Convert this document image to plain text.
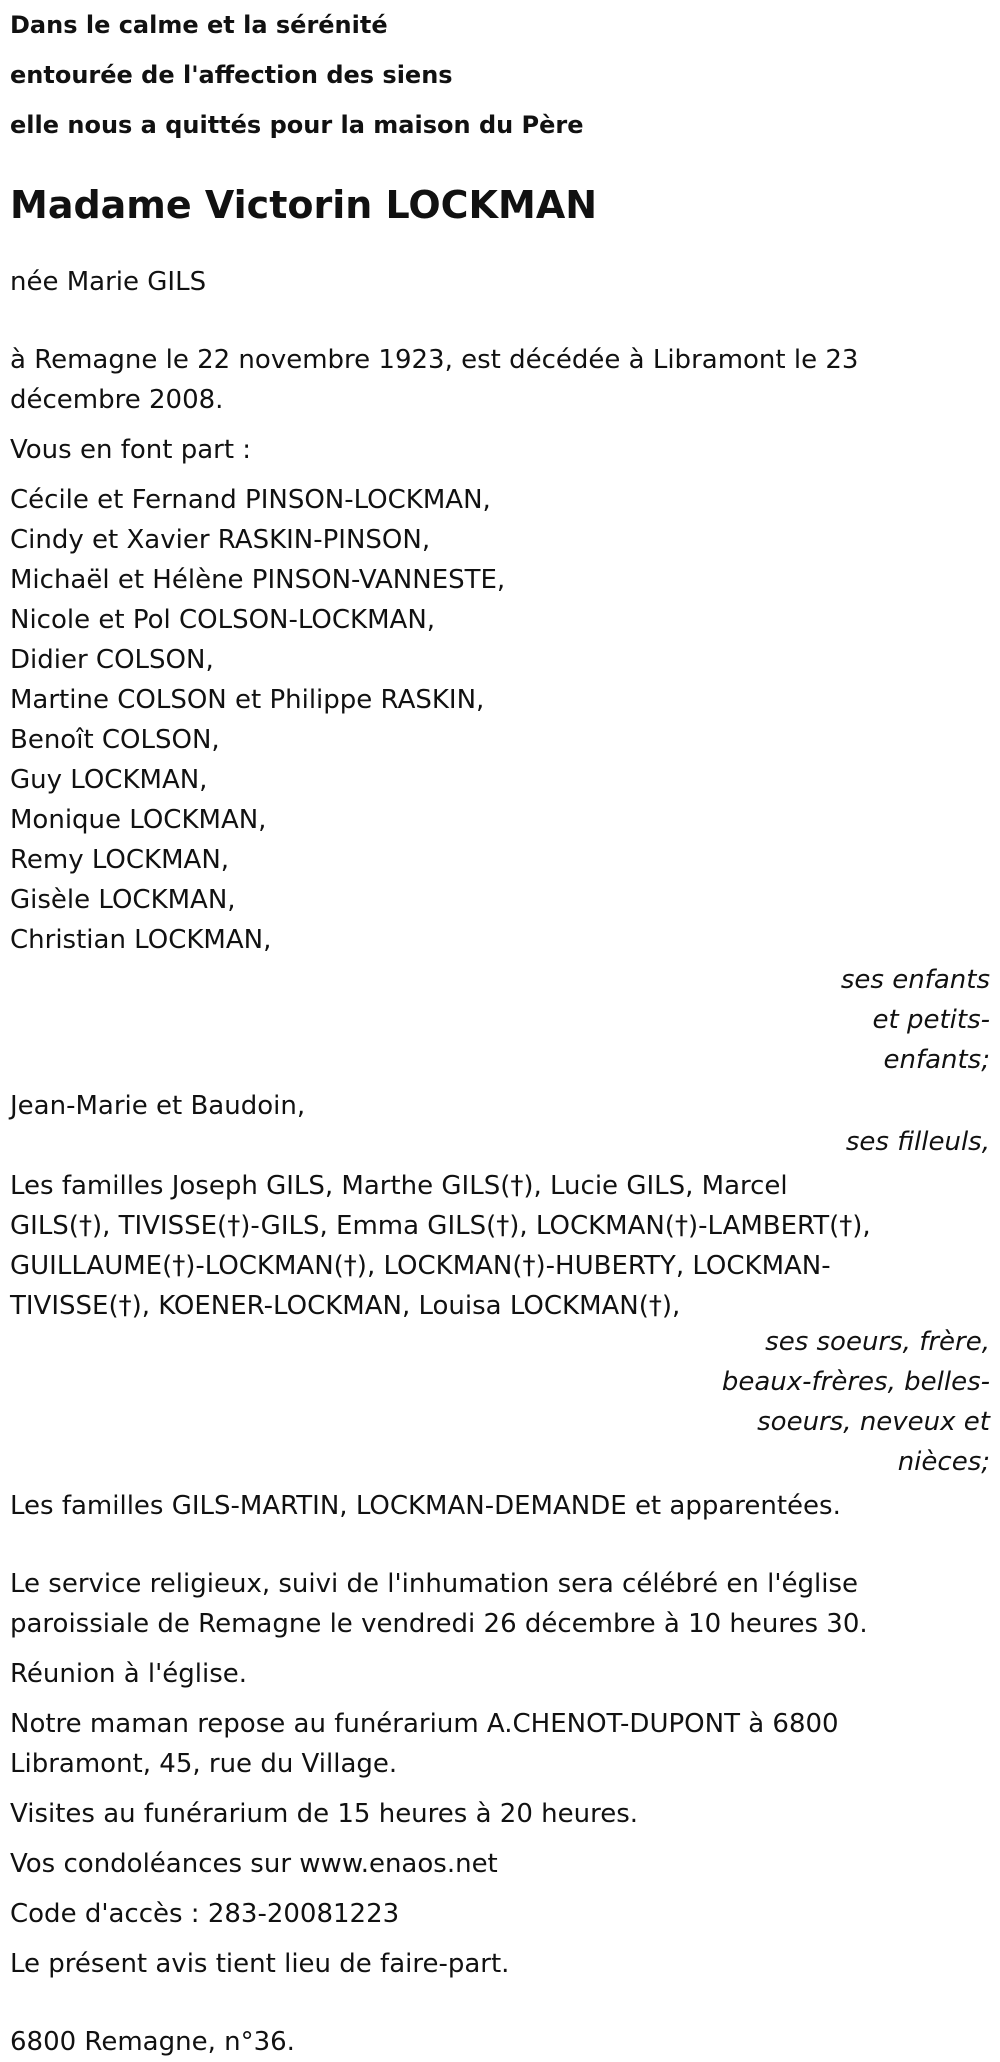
Dans le calme et la sérénité
entourée de l'affection des siens
elle nous a quittés pour la maison du Père
Madame Victorin LOCKMAN

née Marie GILS

à Remagne le 22 novembre 1923, est décédée à Libramont le 23 décembre 2008.

Vous en font part :

Cécile et Fernand PINSON-LOCKMAN,
Cindy et Xavier RASKIN-PINSON,
Michaël et Hélène PINSON-VANNESTE,
Nicole et Pol COLSON-LOCKMAN,
Didier COLSON,
Martine COLSON et Philippe RASKIN,
Benoît COLSON,
Guy LOCKMAN,
Monique LOCKMAN,
Remy LOCKMAN,
Gisèle LOCKMAN,
Christian LOCKMAN,
ses enfants et petits-enfants;

Jean-Marie et Baudoin,

ses filleuls,

Les familles Joseph GILS, Marthe GILS(†), Lucie GILS, Marcel GILS(†), TIVISSE(†)-GILS, Emma GILS(†), LOCKMAN(†)-LAMBERT(†), GUILLAUME(†)-LOCKMAN(†), LOCKMAN(†)-HUBERTY, LOCKMAN-TIVISSE(†), KOENER-LOCKMAN, Louisa LOCKMAN(†),

ses soeurs, frère, beaux-frères, belles-soeurs, neveux et nièces;

Les familles GILS-MARTIN, LOCKMAN-DEMANDE et apparentées.

Le service religieux, suivi de l'inhumation sera célébré en l'église paroissiale de Remagne le vendredi 26 décembre à 10 heures 30.

Réunion à l'église.

Notre maman repose au funérarium A.CHENOT-DUPONT à 6800 Libramont, 45, rue du Village.

Visites au funérarium de 15 heures à 20 heures.

Vos condoléances sur www.enaos.net

Code d'accès : 283-20081223

Le présent avis tient lieu de faire-part.

6800 Remagne, n°36.
